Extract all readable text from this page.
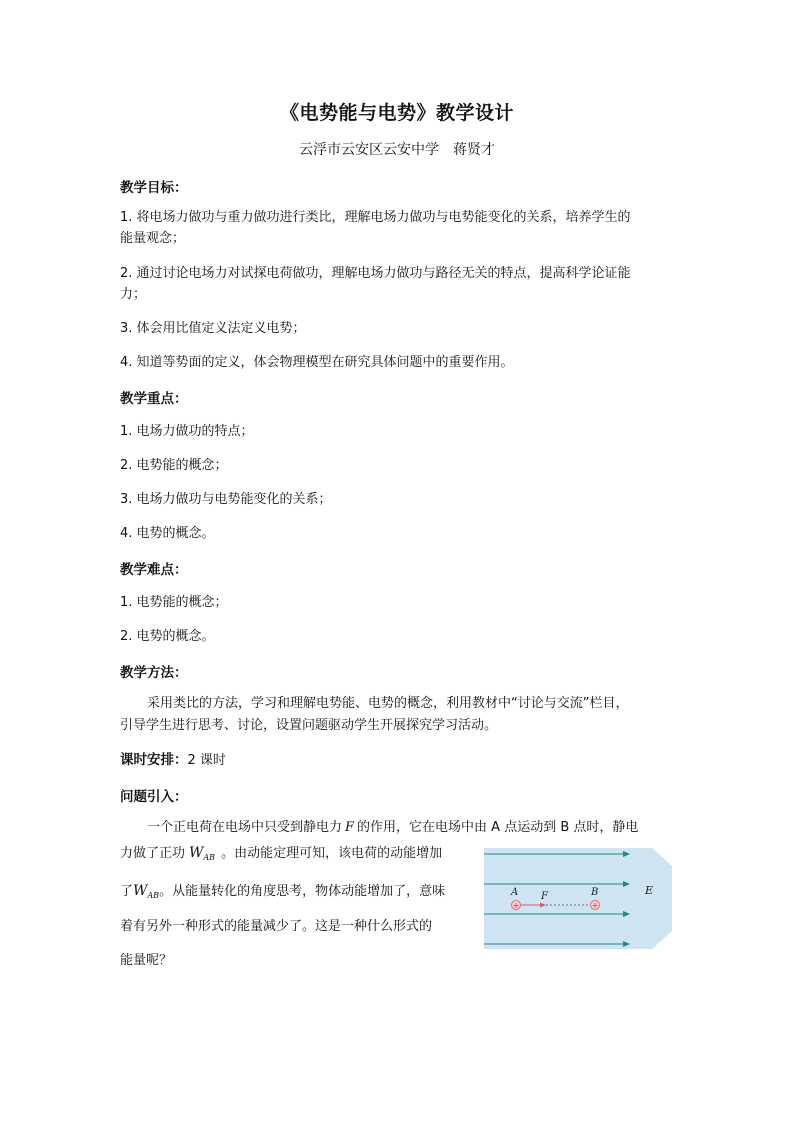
《电势能与电势》教学设计
云浮市云安区云安中学　蒋贤才
教学目标：
1. 将电场力做功与重力做功进行类比，理解电场力做功与电势能变化的关系，培养学生的
能量观念；
2. 通过讨论电场力对试探电荷做功，理解电场力做功与路径无关的特点，提高科学论证能
力；
3. 体会用比值定义法定义电势；
4. 知道等势面的定义，体会物理模型在研究具体问题中的重要作用。
教学重点：
1. 电场力做功的特点；
2. 电势能的概念；
3. 电场力做功与电势能变化的关系；
4. 电势的概念。
教学难点：
1. 电势能的概念；
2. 电势的概念。
教学方法：
采用类比的方法，学习和理解电势能、电势的概念，利用教材中“讨论与交流”栏目，
引导学生进行思考、讨论，设置问题驱动学生开展探究学习活动。
课时安排：2 课时
问题引入：
一个正电荷在电场中只受到静电力 F 的作用，它在电场中由 A 点运动到 B 点时，静电
力做了正功 $W_{AB}$ 。由动能定理可知，该电荷的动能增加
了$W_{AB}$。从能量转化的角度思考，物体动能增加了，意味
着有另外一种形式的能量减少了。这是一种什么形式的
能量呢？
+	+
A F	B	E
